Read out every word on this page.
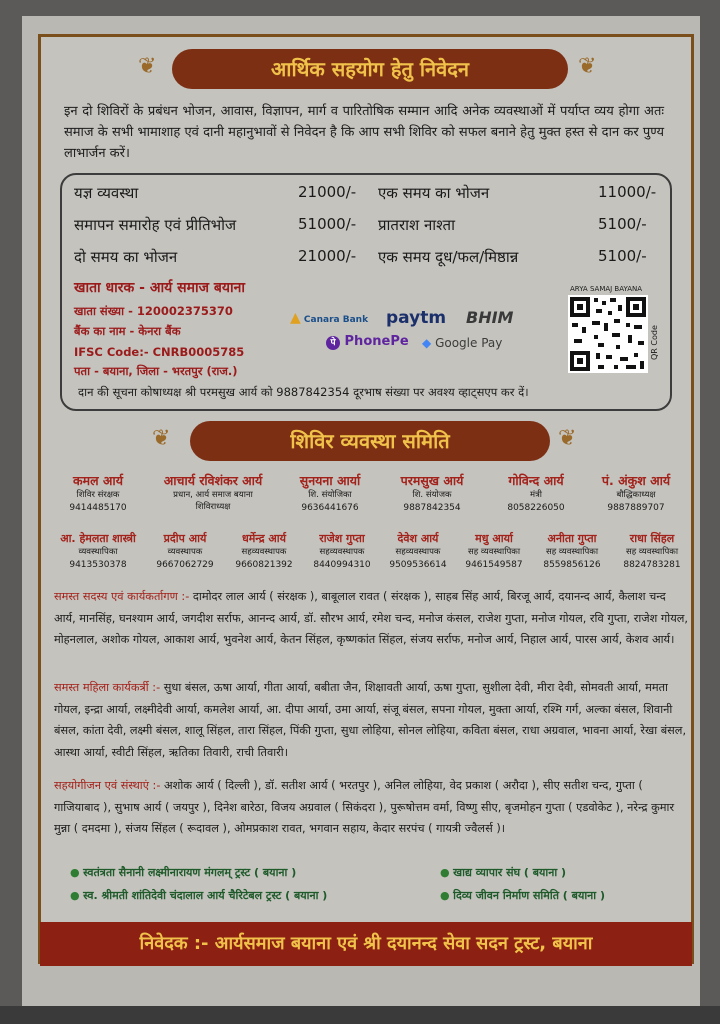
❦	❦
आर्थिक सहयोग हेतु निवेदन
इन दो शिविरों के प्रबंधन भोजन, आवास, विज्ञापन, मार्ग व पारितोषिक सम्मान आदि अनेक व्यवस्थाओं में पर्याप्त व्यय होगा अतः समाज के सभी भामाशाह एवं दानी महानुभावों से निवेदन है कि आप सभी शिविर को सफल बनाने हेतु मुक्त हस्त से दान कर पुण्य लाभार्जन करें।
यज्ञ व्यवस्था	21000/- एक समय का भोजन	11000/-
समापन समारोह एवं प्रीतिभोज	51000/- प्रातराश नाश्ता	5100/-
दो समय का भोजन	21000/- एक समय दूध/फल/मिष्ठान्न	5100/-
खाता धारक - आर्य समाज बयाना
खाता संख्या - 120002375370
बैंक का नाम - केनरा बैंक
IFSC Code:- CNRB0005785
पता - बयाना, जिला - भरतपुर (राज.)
▲ Canara Bank paytm BHIM
पे PhonePe ◆ Google Pay
ARYA SAMAJ BAYANA
QR Code
दान की सूचना कोषाध्यक्ष श्री परमसुख आर्य को 9887842354 दूरभाष संख्या पर अवश्य व्हाट्सएप कर दें।
❦	❦
शिविर व्यवस्था समिति
कमल आर्य
शिविर संरक्षक
9414485170
आचार्य रविशंकर आर्य
प्रधान, आर्य समाज बयाना
शिविराध्यक्ष
सुनयना आर्या
शि. संयोजिका
9636441676
परमसुख आर्य
शि. संयोजक
9887842354
गोविन्द आर्य
मंत्री
8058226050
पं. अंकुश आर्य
बौद्धिकाध्यक्ष
9887889707
आ. हेमलता शास्त्री
व्यवस्थापिका
9413530378
प्रदीप आर्य
व्यवस्थापक
9667062729
धर्मेन्द्र आर्य
सहव्यवस्थापक
9660821392
राजेश गुप्ता
सहव्यवस्थापक
8440994310
देवेश आर्य
सहव्यवस्थापक
9509536614
मधु आर्या
सह व्यवस्थापिका
9461549587
अनीता गुप्ता
सह व्यवस्थापिका
8559856126
राधा सिंहल
सह व्यवस्थापिका
8824783281
समस्त सदस्य एवं कार्यकर्तागण :- दामोदर लाल आर्य ( संरक्षक ), बाबूलाल रावत ( संरक्षक ), साहब सिंह आर्य, बिरजू आर्य, दयानन्द आर्य, कैलाश चन्द आर्य, मानसिंह, घनश्याम आर्य, जगदीश सर्राफ, आनन्द आर्य, डॉ. सौरभ आर्य, रमेश चन्द, मनोज कंसल, राजेश गुप्ता, मनोज गोयल, रवि गुप्ता, राजेश गोयल, मोहनलाल, अशोक गोयल, आकाश आर्य, भुवनेश आर्य, केतन सिंहल, कृष्णकांत सिंहल, संजय सर्राफ, मनोज आर्य, निहाल आर्य, पारस आर्य, केशव आर्य।
समस्त महिला कार्यकर्त्री :- सुधा बंसल, ऊषा आर्या, गीता आर्या, बबीता जैन, शिक्षावती आर्या, ऊषा गुप्ता, सुशीला देवी, मीरा देवी, सोमवती आर्या, ममता गोयल, इन्द्रा आर्या, लक्ष्मीदेवी आर्या, कमलेश आर्या, आ. दीपा आर्या, उमा आर्या, संजू बंसल, सपना गोयल, मुक्ता आर्या, रश्मि गर्ग, अल्का बंसल, शिवानी बंसल, कांता देवी, लक्ष्मी बंसल, शालू सिंहल, तारा सिंहल, पिंकी गुप्ता, सुधा लोहिया, सोनल लोहिया, कविता बंसल, राधा अग्रवाल, भावना आर्या, रेखा बंसल, आस्था आर्या, स्वीटी सिंहल, ऋतिका तिवारी, राची तिवारी।
सहयोगीजन एवं संस्थाएं :- अशोक आर्य ( दिल्ली ), डॉ. सतीश आर्य ( भरतपुर ), अनिल लोहिया, वेद प्रकाश ( अरौदा ), सीए सतीश चन्द, गुप्ता ( गाजियाबाद ), सुभाष आर्य ( जयपुर ), दिनेश बारेठा, विजय अग्रवाल ( सिकंदरा ), पुरूषोत्तम वर्मा, विष्णु सीए, बृजमोहन गुप्ता ( एडवोकेट ), नरेन्द्र कुमार मुन्ना ( दमदमा ), संजय सिंहल ( रूदावल ), ओमप्रकाश रावत, भगवान सहाय, केदार सरपंच ( गायत्री ज्वैलर्स )।
● स्वतंत्रता सैनानी लक्ष्मीनारायण मंगलम् ट्रस्ट ( बयाना )	● खाद्य व्यापार संघ ( बयाना )
● स्व. श्रीमती शांतिदेवी चंदालाल आर्य चैरिटेबल ट्रस्ट ( बयाना )	● दिव्य जीवन निर्माण समिति ( बयाना )
निवेदक :- आर्यसमाज बयाना एवं श्री दयानन्द सेवा सदन ट्रस्ट, बयाना
